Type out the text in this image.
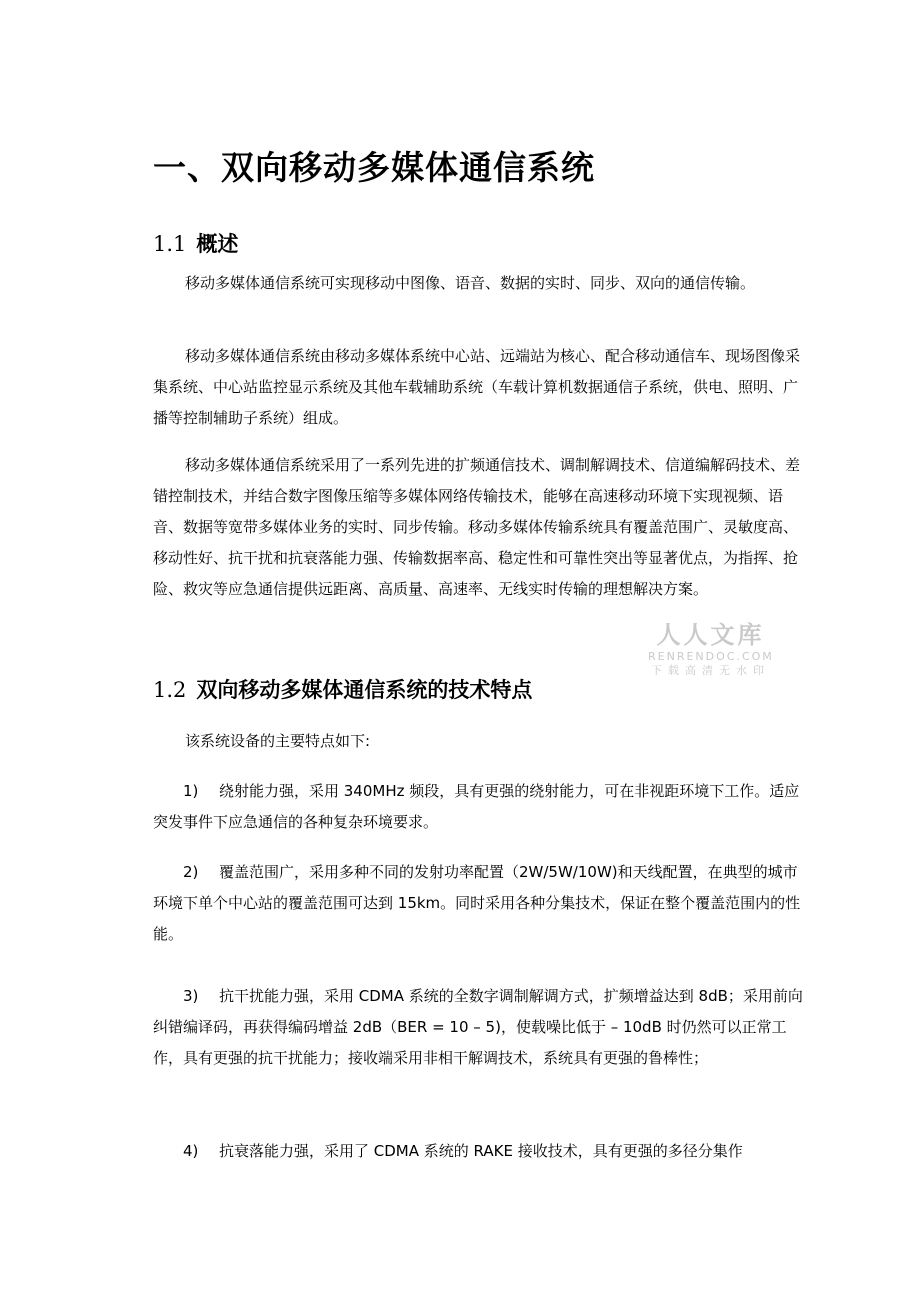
一、双向移动多媒体通信系统
1.1 概述

移动多媒体通信系统可实现移动中图像、语音、数据的实时、同步、双向的通信传输。

移动多媒体通信系统由移动多媒体系统中心站、远端站为核心、配合移动通信车、现场图像采集系统、中心站监控显示系统及其他车载辅助系统（车载计算机数据通信子系统，供电、照明、广播等控制辅助子系统）组成。

移动多媒体通信系统采用了一系列先进的扩频通信技术、调制解调技术、信道编解码技术、差错控制技术，并结合数字图像压缩等多媒体网络传输技术，能够在高速移动环境下实现视频、语音、数据等宽带多媒体业务的实时、同步传输。移动多媒体传输系统具有覆盖范围广、灵敏度高、移动性好、抗干扰和抗衰落能力强、传输数据率高、稳定性和可靠性突出等显著优点，为指挥、抢险、救灾等应急通信提供远距离、高质量、高速率、无线实时传输的理想解决方案。

1.2 双向移动多媒体通信系统的技术特点

该系统设备的主要特点如下:

1) 绕射能力强，采用 340MHz 频段，具有更强的绕射能力，可在非视距环境下工作。适应突发事件下应急通信的各种复杂环境要求。

2) 覆盖范围广，采用多种不同的发射功率配置（2W/5W/10W)和天线配置，在典型的城市环境下单个中心站的覆盖范围可达到 15km。同时采用各种分集技术，保证在整个覆盖范围内的性能。

3) 抗干扰能力强，采用 CDMA 系统的全数字调制解调方式，扩频增益达到 8dB；采用前向纠错编译码，再获得编码增益 2dB（BER = 10 – 5)，使载噪比低于 – 10dB 时仍然可以正常工作，具有更强的抗干扰能力；接收端采用非相干解调技术，系统具有更强的鲁棒性；

4) 抗衰落能力强，采用了 CDMA 系统的 RAKE 接收技术，具有更强的多径分集作

人人文库
RENRENDOC.COM
下载高清无水印
